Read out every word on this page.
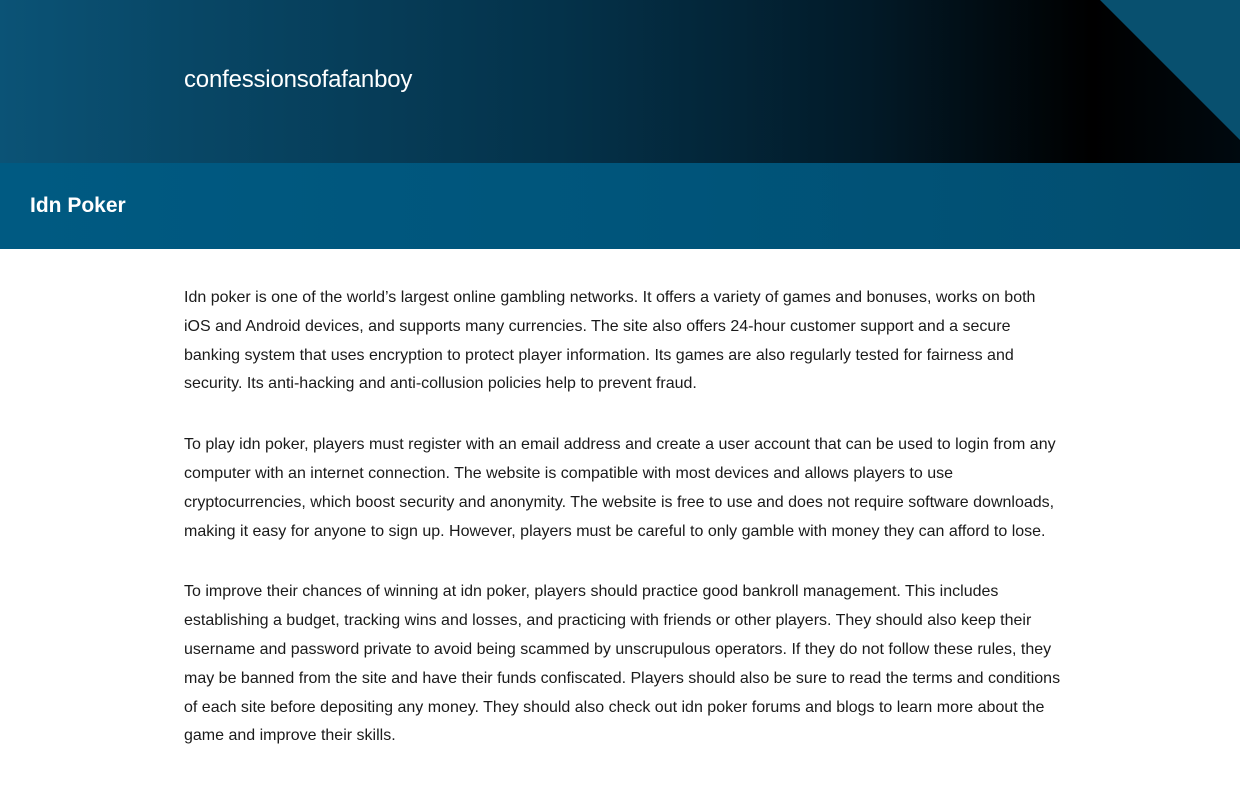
confessionsofafanboy

Idn Poker

Idn poker is one of the world’s largest online gambling networks. It offers a variety of games and bonuses, works on both iOS and Android devices, and supports many currencies. The site also offers 24-hour customer support and a secure banking system that uses encryption to protect player information. Its games are also regularly tested for fairness and security. Its anti-hacking and anti-collusion policies help to prevent fraud.

To play idn poker, players must register with an email address and create a user account that can be used to login from any computer with an internet connection. The website is compatible with most devices and allows players to use cryptocurrencies, which boost security and anonymity. The website is free to use and does not require software downloads, making it easy for anyone to sign up. However, players must be careful to only gamble with money they can afford to lose.

To improve their chances of winning at idn poker, players should practice good bankroll management. This includes establishing a budget, tracking wins and losses, and practicing with friends or other players. They should also keep their username and password private to avoid being scammed by unscrupulous operators. If they do not follow these rules, they may be banned from the site and have their funds confiscated. Players should also be sure to read the terms and conditions of each site before depositing any money. They should also check out idn poker forums and blogs to learn more about the game and improve their skills.
